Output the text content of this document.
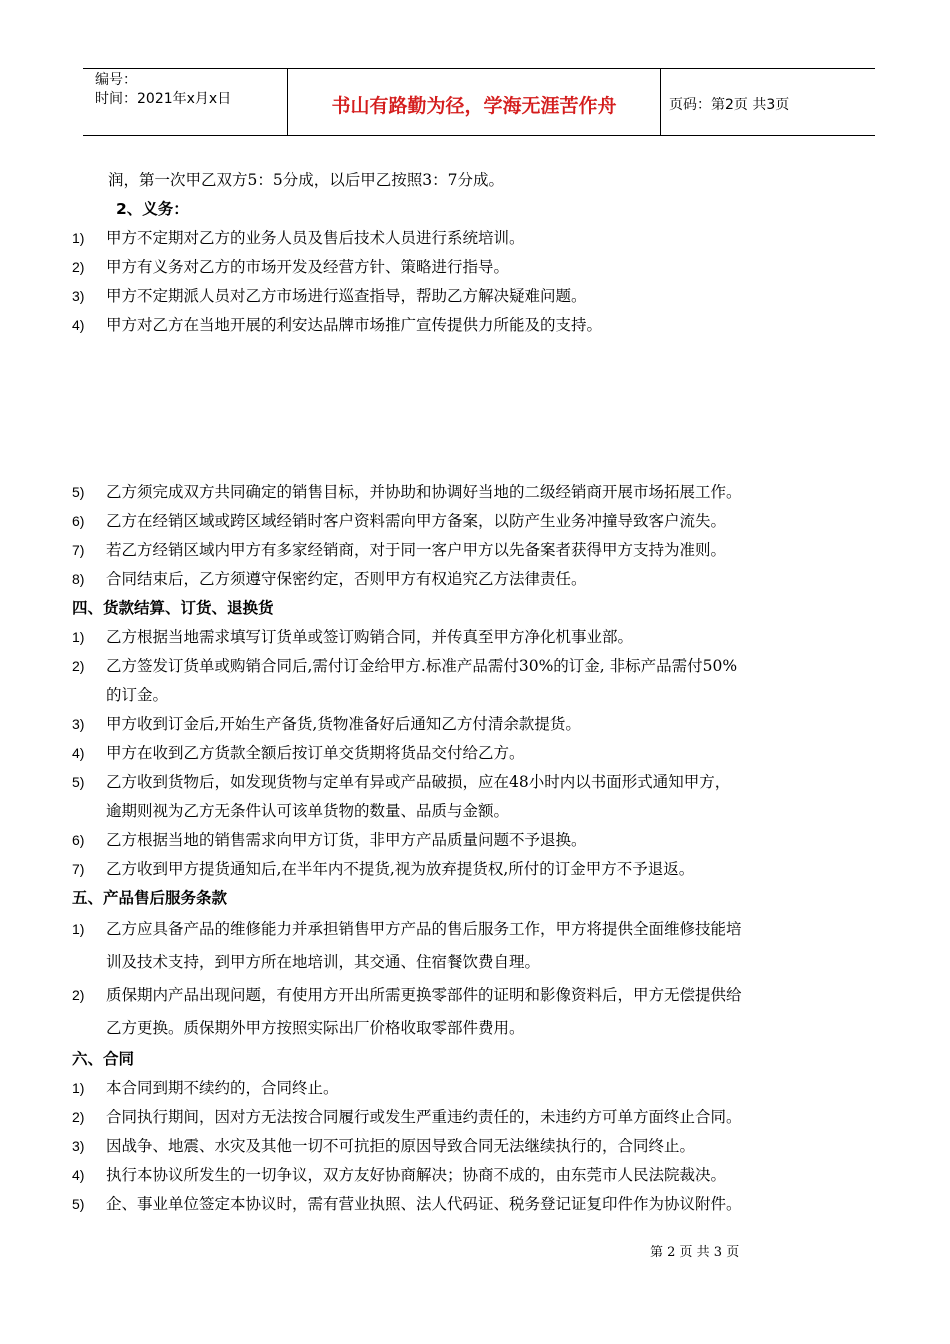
编号：
时间：2021年x月x日	书山有路勤为径，学海无涯苦作舟	页码：第2页 共3页
润，第一次甲乙双方5：5分成，以后甲乙按照3：7分成。
2、义务：
1) 甲方不定期对乙方的业务人员及售后技术人员进行系统培训。
2) 甲方有义务对乙方的市场开发及经营方针、策略进行指导。
3) 甲方不定期派人员对乙方市场进行巡查指导，帮助乙方解决疑难问题。
4) 甲方对乙方在当地开展的利安达品牌市场推广宣传提供力所能及的支持。
5) 乙方须完成双方共同确定的销售目标，并协助和协调好当地的二级经销商开展市场拓展工作。
6) 乙方在经销区域或跨区域经销时客户资料需向甲方备案，以防产生业务冲撞导致客户流失。
7) 若乙方经销区域内甲方有多家经销商，对于同一客户甲方以先备案者获得甲方支持为准则。
8) 合同结束后，乙方须遵守保密约定，否则甲方有权追究乙方法律责任。
四、货款结算、订货、退换货
1) 乙方根据当地需求填写订货单或签订购销合同，并传真至甲方净化机事业部。
2) 乙方签发订货单或购销合同后,需付订金给甲方.标准产品需付30%的订金, 非标产品需付50%
的订金。
3) 甲方收到订金后,开始生产备货,货物准备好后通知乙方付清余款提货。
4) 甲方在收到乙方货款全额后按订单交货期将货品交付给乙方。
5) 乙方收到货物后，如发现货物与定单有异或产品破损，应在48小时内以书面形式通知甲方，
逾期则视为乙方无条件认可该单货物的数量、品质与金额。
6) 乙方根据当地的销售需求向甲方订货，非甲方产品质量问题不予退换。
7) 乙方收到甲方提货通知后,在半年内不提货,视为放弃提货权,所付的订金甲方不予退返。
五、产品售后服务条款
1) 乙方应具备产品的维修能力并承担销售甲方产品的售后服务工作，甲方将提供全面维修技能培
训及技术支持，到甲方所在地培训，其交通、住宿餐饮费自理。
2) 质保期内产品出现问题，有使用方开出所需更换零部件的证明和影像资料后，甲方无偿提供给
乙方更换。质保期外甲方按照实际出厂价格收取零部件费用。
六、合同
1) 本合同到期不续约的，合同终止。
2) 合同执行期间，因对方无法按合同履行或发生严重违约责任的，未违约方可单方面终止合同。
3) 因战争、地震、水灾及其他一切不可抗拒的原因导致合同无法继续执行的，合同终止。
4) 执行本协议所发生的一切争议，双方友好协商解决；协商不成的，由东莞市人民法院裁决。
5) 企、事业单位签定本协议时，需有营业执照、法人代码证、税务登记证复印件作为协议附件。
第 2 页 共 3 页
